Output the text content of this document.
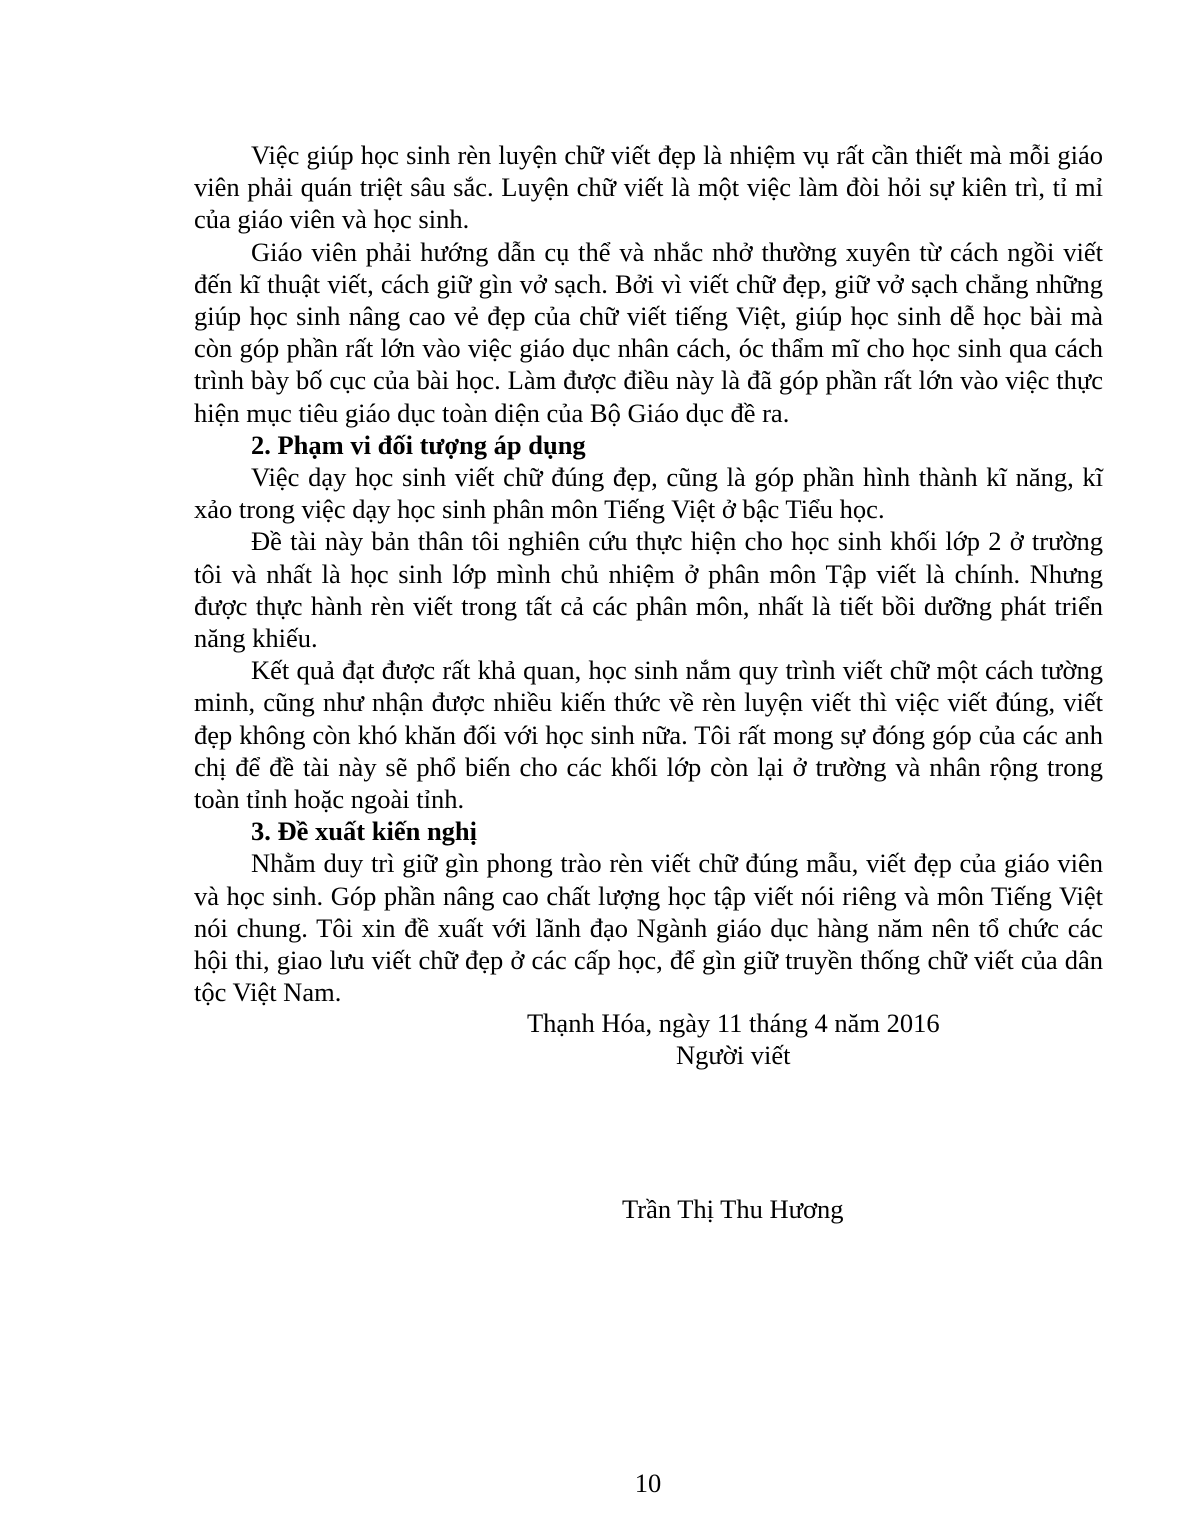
Việc giúp học sinh rèn luyện chữ viết đẹp là nhiệm vụ rất cần thiết mà mỗi giáo viên phải quán triệt sâu sắc. Luyện chữ viết là một việc làm đòi hỏi sự kiên trì, tỉ mỉ của giáo viên và học sinh.

Giáo viên phải hướng dẫn cụ thể và nhắc nhở thường xuyên từ cách ngồi viết đến kĩ thuật viết, cách giữ gìn vở sạch. Bởi vì viết chữ đẹp, giữ vở sạch chẳng những giúp học sinh nâng cao vẻ đẹp của chữ viết tiếng Việt, giúp học sinh dễ học bài mà còn góp phần rất lớn vào việc giáo dục nhân cách, óc thẩm mĩ cho học sinh qua cách trình bày bố cục của bài học. Làm được điều này là đã góp phần rất lớn vào việc thực hiện mục tiêu giáo dục toàn diện của Bộ Giáo dục đề ra.

2. Phạm vi đối tượng áp dụng

Việc dạy học sinh viết chữ đúng đẹp, cũng là góp phần hình thành kĩ năng, kĩ xảo trong việc dạy học sinh phân môn Tiếng Việt ở bậc Tiểu học.

Đề tài này bản thân tôi nghiên cứu thực hiện cho học sinh khối lớp 2 ở trường tôi và nhất là học sinh lớp mình chủ nhiệm ở phân môn Tập viết là chính. Nhưng được thực hành rèn viết trong tất cả các phân môn, nhất là tiết bồi dưỡng phát triển năng khiếu.

Kết quả đạt được rất khả quan, học sinh nắm quy trình viết chữ một cách tường minh, cũng như nhận được nhiều kiến thức về rèn luyện viết thì việc viết đúng, viết đẹp không còn khó khăn đối với học sinh nữa. Tôi rất mong sự đóng góp của các anh chị để đề tài này sẽ phổ biến cho các khối lớp còn lại ở trường và nhân rộng trong toàn tỉnh hoặc ngoài tỉnh.

3. Đề xuất kiến nghị

Nhằm duy trì giữ gìn phong trào rèn viết chữ đúng mẫu, viết đẹp của giáo viên và học sinh. Góp phần nâng cao chất lượng học tập viết nói riêng và môn Tiếng Việt nói chung. Tôi xin đề xuất với lãnh đạo Ngành giáo dục hàng năm nên tổ chức các hội thi, giao lưu viết chữ đẹp ở các cấp học, để gìn giữ truyền thống chữ viết của dân tộc Việt Nam.

Thạnh Hóa, ngày 11 tháng 4 năm 2016
Người viết
Trần Thị Thu Hương
10
